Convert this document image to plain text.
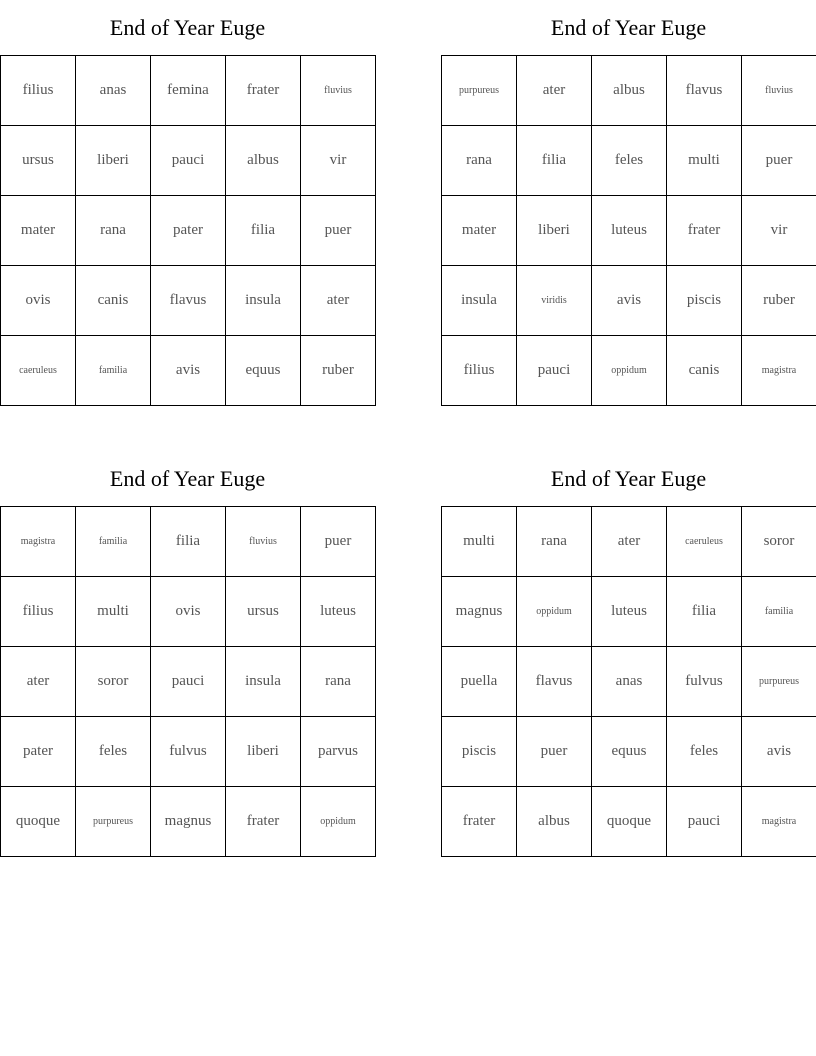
End of Year Euge
filius	anas	femina	frater	fluvius
ursus	liberi	pauci	albus	vir
mater	rana	pater	filia	puer
ovis	canis	flavus	insula	ater
caeruleus	familia	avis	equus	ruber
End of Year Euge
purpureus	ater	albus	flavus	fluvius
rana	filia	feles	multi	puer
mater	liberi	luteus	frater	vir
insula	viridis	avis	piscis	ruber
filius	pauci	oppidum	canis	magistra
End of Year Euge
magistra	familia	filia	fluvius	puer
filius	multi	ovis	ursus	luteus
ater	soror	pauci	insula	rana
pater	feles	fulvus	liberi	parvus
quoque	purpureus	magnus	frater	oppidum
End of Year Euge
multi	rana	ater	caeruleus	soror
magnus	oppidum	luteus	filia	familia
puella	flavus	anas	fulvus	purpureus
piscis	puer	equus	feles	avis
frater	albus	quoque	pauci	magistra
